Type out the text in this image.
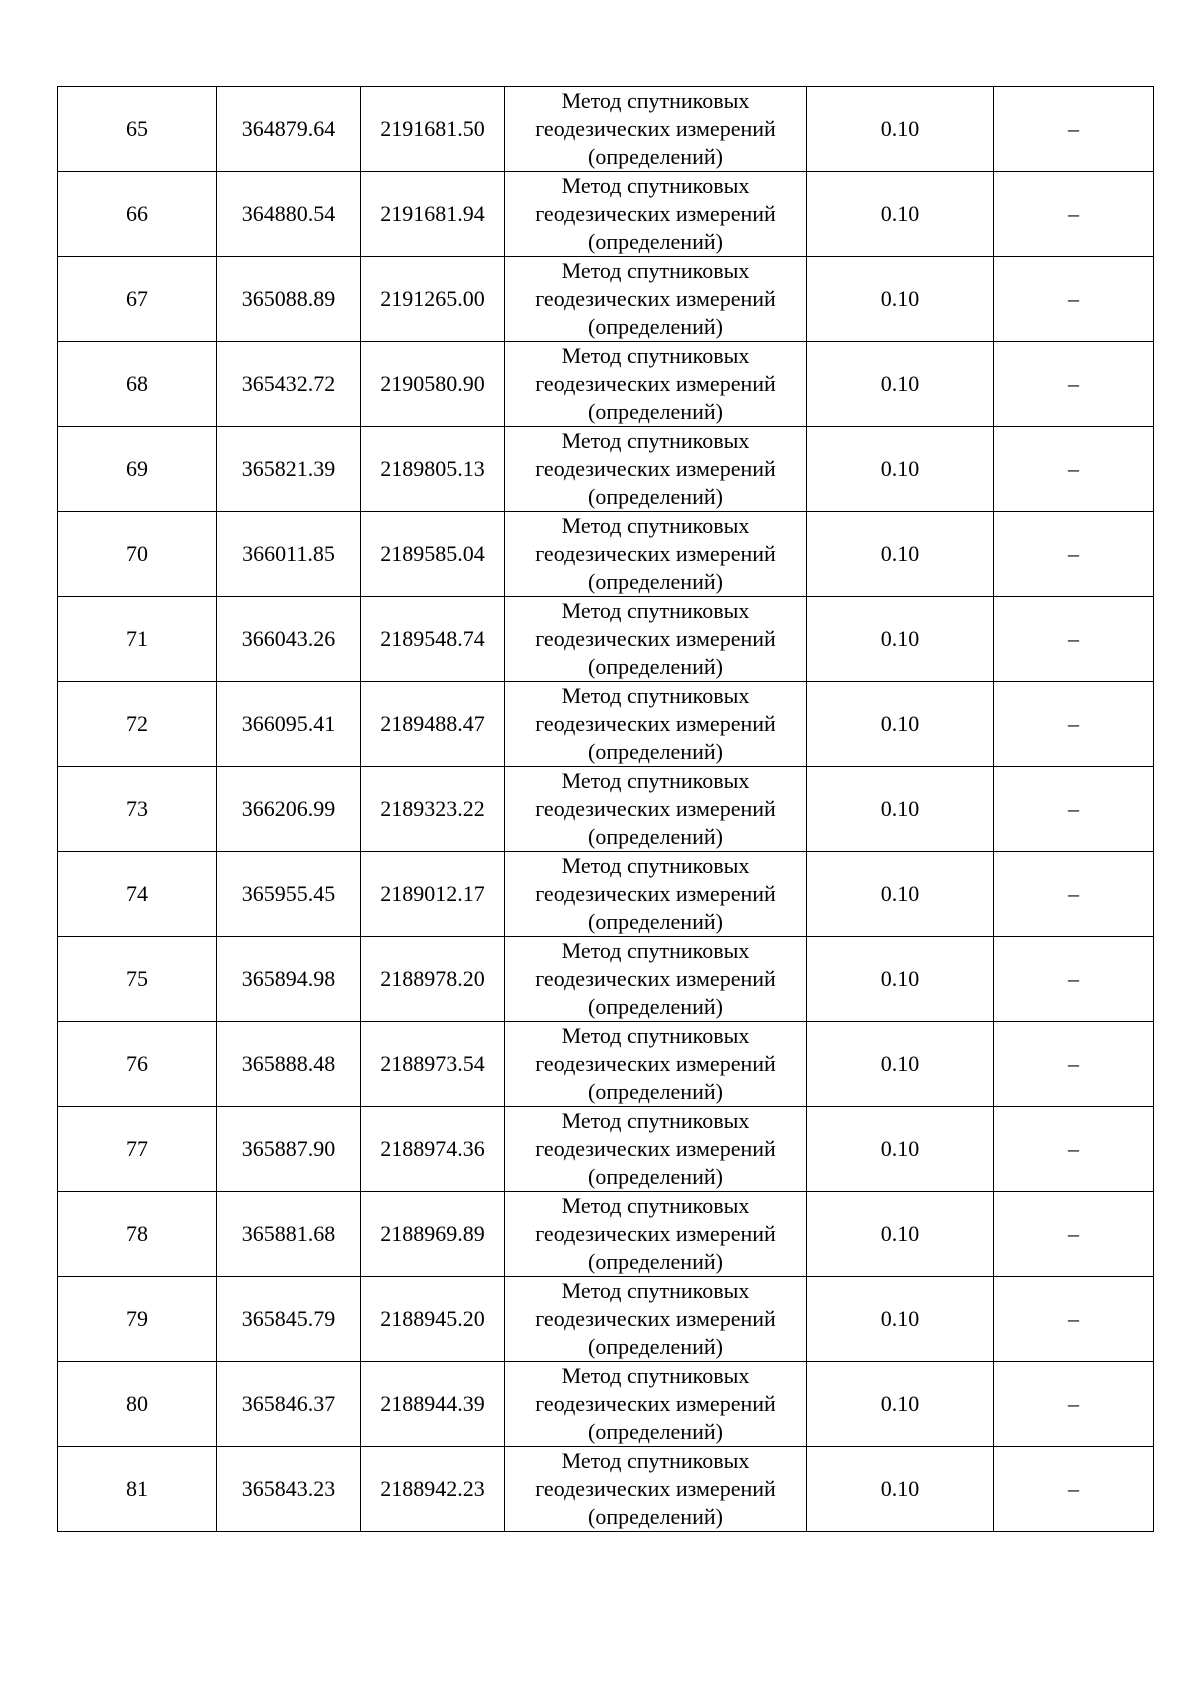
65	364879.64	2191681.50	Метод спутниковых
геодезических измерений
(определений)	0.10	–
66	364880.54	2191681.94	Метод спутниковых
геодезических измерений
(определений)	0.10	–
67	365088.89	2191265.00	Метод спутниковых
геодезических измерений
(определений)	0.10	–
68	365432.72	2190580.90	Метод спутниковых
геодезических измерений
(определений)	0.10	–
69	365821.39	2189805.13	Метод спутниковых
геодезических измерений
(определений)	0.10	–
70	366011.85	2189585.04	Метод спутниковых
геодезических измерений
(определений)	0.10	–
71	366043.26	2189548.74	Метод спутниковых
геодезических измерений
(определений)	0.10	–
72	366095.41	2189488.47	Метод спутниковых
геодезических измерений
(определений)	0.10	–
73	366206.99	2189323.22	Метод спутниковых
геодезических измерений
(определений)	0.10	–
74	365955.45	2189012.17	Метод спутниковых
геодезических измерений
(определений)	0.10	–
75	365894.98	2188978.20	Метод спутниковых
геодезических измерений
(определений)	0.10	–
76	365888.48	2188973.54	Метод спутниковых
геодезических измерений
(определений)	0.10	–
77	365887.90	2188974.36	Метод спутниковых
геодезических измерений
(определений)	0.10	–
78	365881.68	2188969.89	Метод спутниковых
геодезических измерений
(определений)	0.10	–
79	365845.79	2188945.20	Метод спутниковых
геодезических измерений
(определений)	0.10	–
80	365846.37	2188944.39	Метод спутниковых
геодезических измерений
(определений)	0.10	–
81	365843.23	2188942.23	Метод спутниковых
геодезических измерений
(определений)	0.10	–
